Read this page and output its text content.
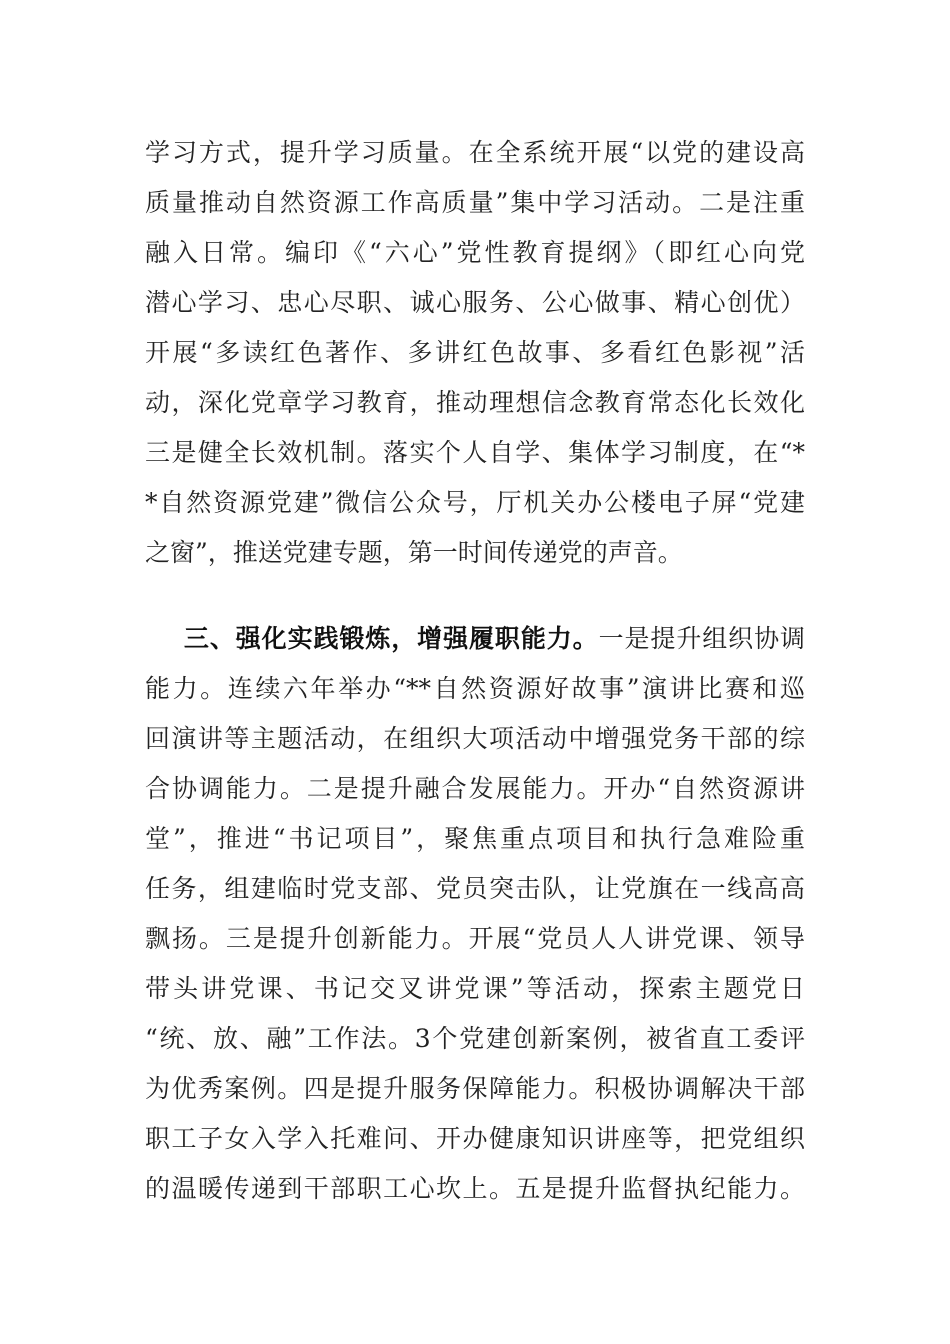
学习方式，提升学习质量。在全系统开展“以党的建设高
质量推动自然资源工作高质量”集中学习活动。二是注重
融入日常。编印《“六心”党性教育提纲》（即红心向党
潜心学习、忠心尽职、诚心服务、公心做事、精心创优）
开展“多读红色著作、多讲红色故事、多看红色影视”活
动，深化党章学习教育，推动理想信念教育常态化长效化
三是健全长效机制。落实个人自学、集体学习制度，在“*
*自然资源党建”微信公众号，厅机关办公楼电子屏“党建
之窗”，推送党建专题，第一时间传递党的声音。
三、强化实践锻炼，增强履职能力。一是提升组织协调
能力。连续六年举办“**自然资源好故事”演讲比赛和巡
回演讲等主题活动，在组织大项活动中增强党务干部的综
合协调能力。二是提升融合发展能力。开办“自然资源讲
堂”，推进“书记项目”，聚焦重点项目和执行急难险重
任务，组建临时党支部、党员突击队，让党旗在一线高高
飘扬。三是提升创新能力。开展“党员人人讲党课、领导
带头讲党课、书记交叉讲党课”等活动，探索主题党日
“统、放、融”工作法。3个党建创新案例，被省直工委评
为优秀案例。四是提升服务保障能力。积极协调解决干部
职工子女入学入托难问、开办健康知识讲座等，把党组织
的温暖传递到干部职工心坎上。五是提升监督执纪能力。
